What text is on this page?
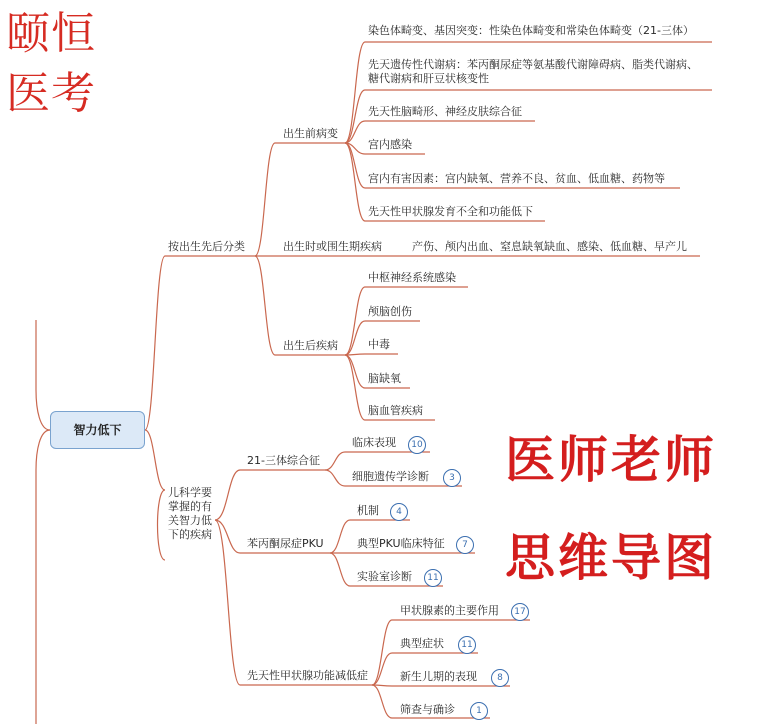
颐恒
医考
医师老师
思维导图
智力低下
按出生先后分类
儿科学要掌握的有关智力低下的疾病
出生前病变
染色体畸变、基因突变：性染色体畸变和常染色体畸变（21-三体）
先天遗传性代谢病：苯丙酮尿症等氨基酸代谢障碍病、脂类代谢病、糖代谢病和肝豆状核变性
先天性脑畸形、神经皮肤综合征
宫内感染
宫内有害因素：宫内缺氧、营养不良、贫血、低血糖、药物等
先天性甲状腺发育不全和功能低下
出生时或围生期疾病	产伤、颅内出血、窒息缺氧缺血、感染、低血糖、早产儿
出生后疾病
中枢神经系统感染
颅脑创伤
中毒
脑缺氧
脑血管疾病
21-三体综合征
临床表现	10
细胞遗传学诊断	3
苯丙酮尿症PKU
机制	4
典型PKU临床特征	7
实验室诊断	11
先天性甲状腺功能减低症
甲状腺素的主要作用	17
典型症状	11
新生儿期的表现	8
筛查与确诊	1
